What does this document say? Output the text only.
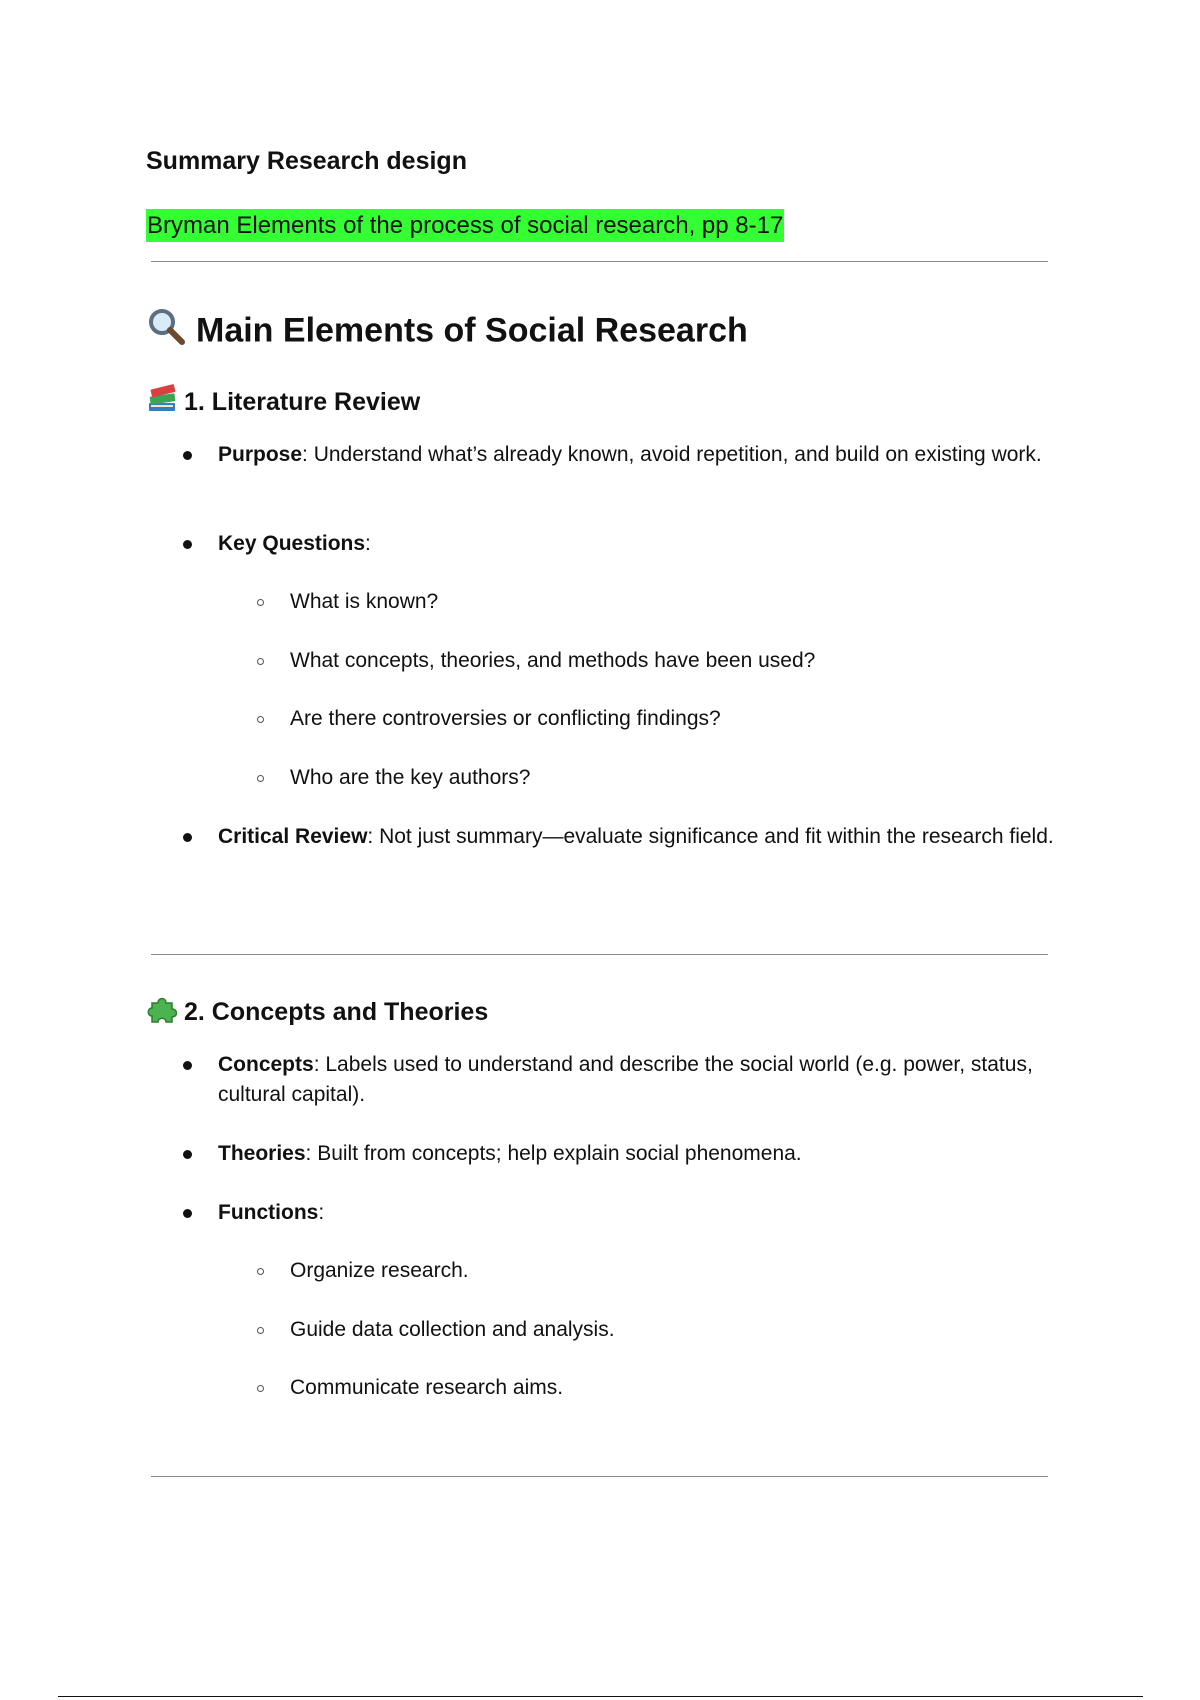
Summary Research design
Bryman Elements of the process of social research, pp 8-17
Main Elements of Social Research
1. Literature Review
Purpose: Understand what’s already known, avoid repetition, and build on existing work.
Key Questions:
What is known?
What concepts, theories, and methods have been used?
Are there controversies or conflicting findings?
Who are the key authors?
Critical Review: Not just summary—evaluate significance and fit within the research field.
2. Concepts and Theories
Concepts: Labels used to understand and describe the social world (e.g. power, status, cultural capital).
Theories: Built from concepts; help explain social phenomena.
Functions:
Organize research.
Guide data collection and analysis.
Communicate research aims.
